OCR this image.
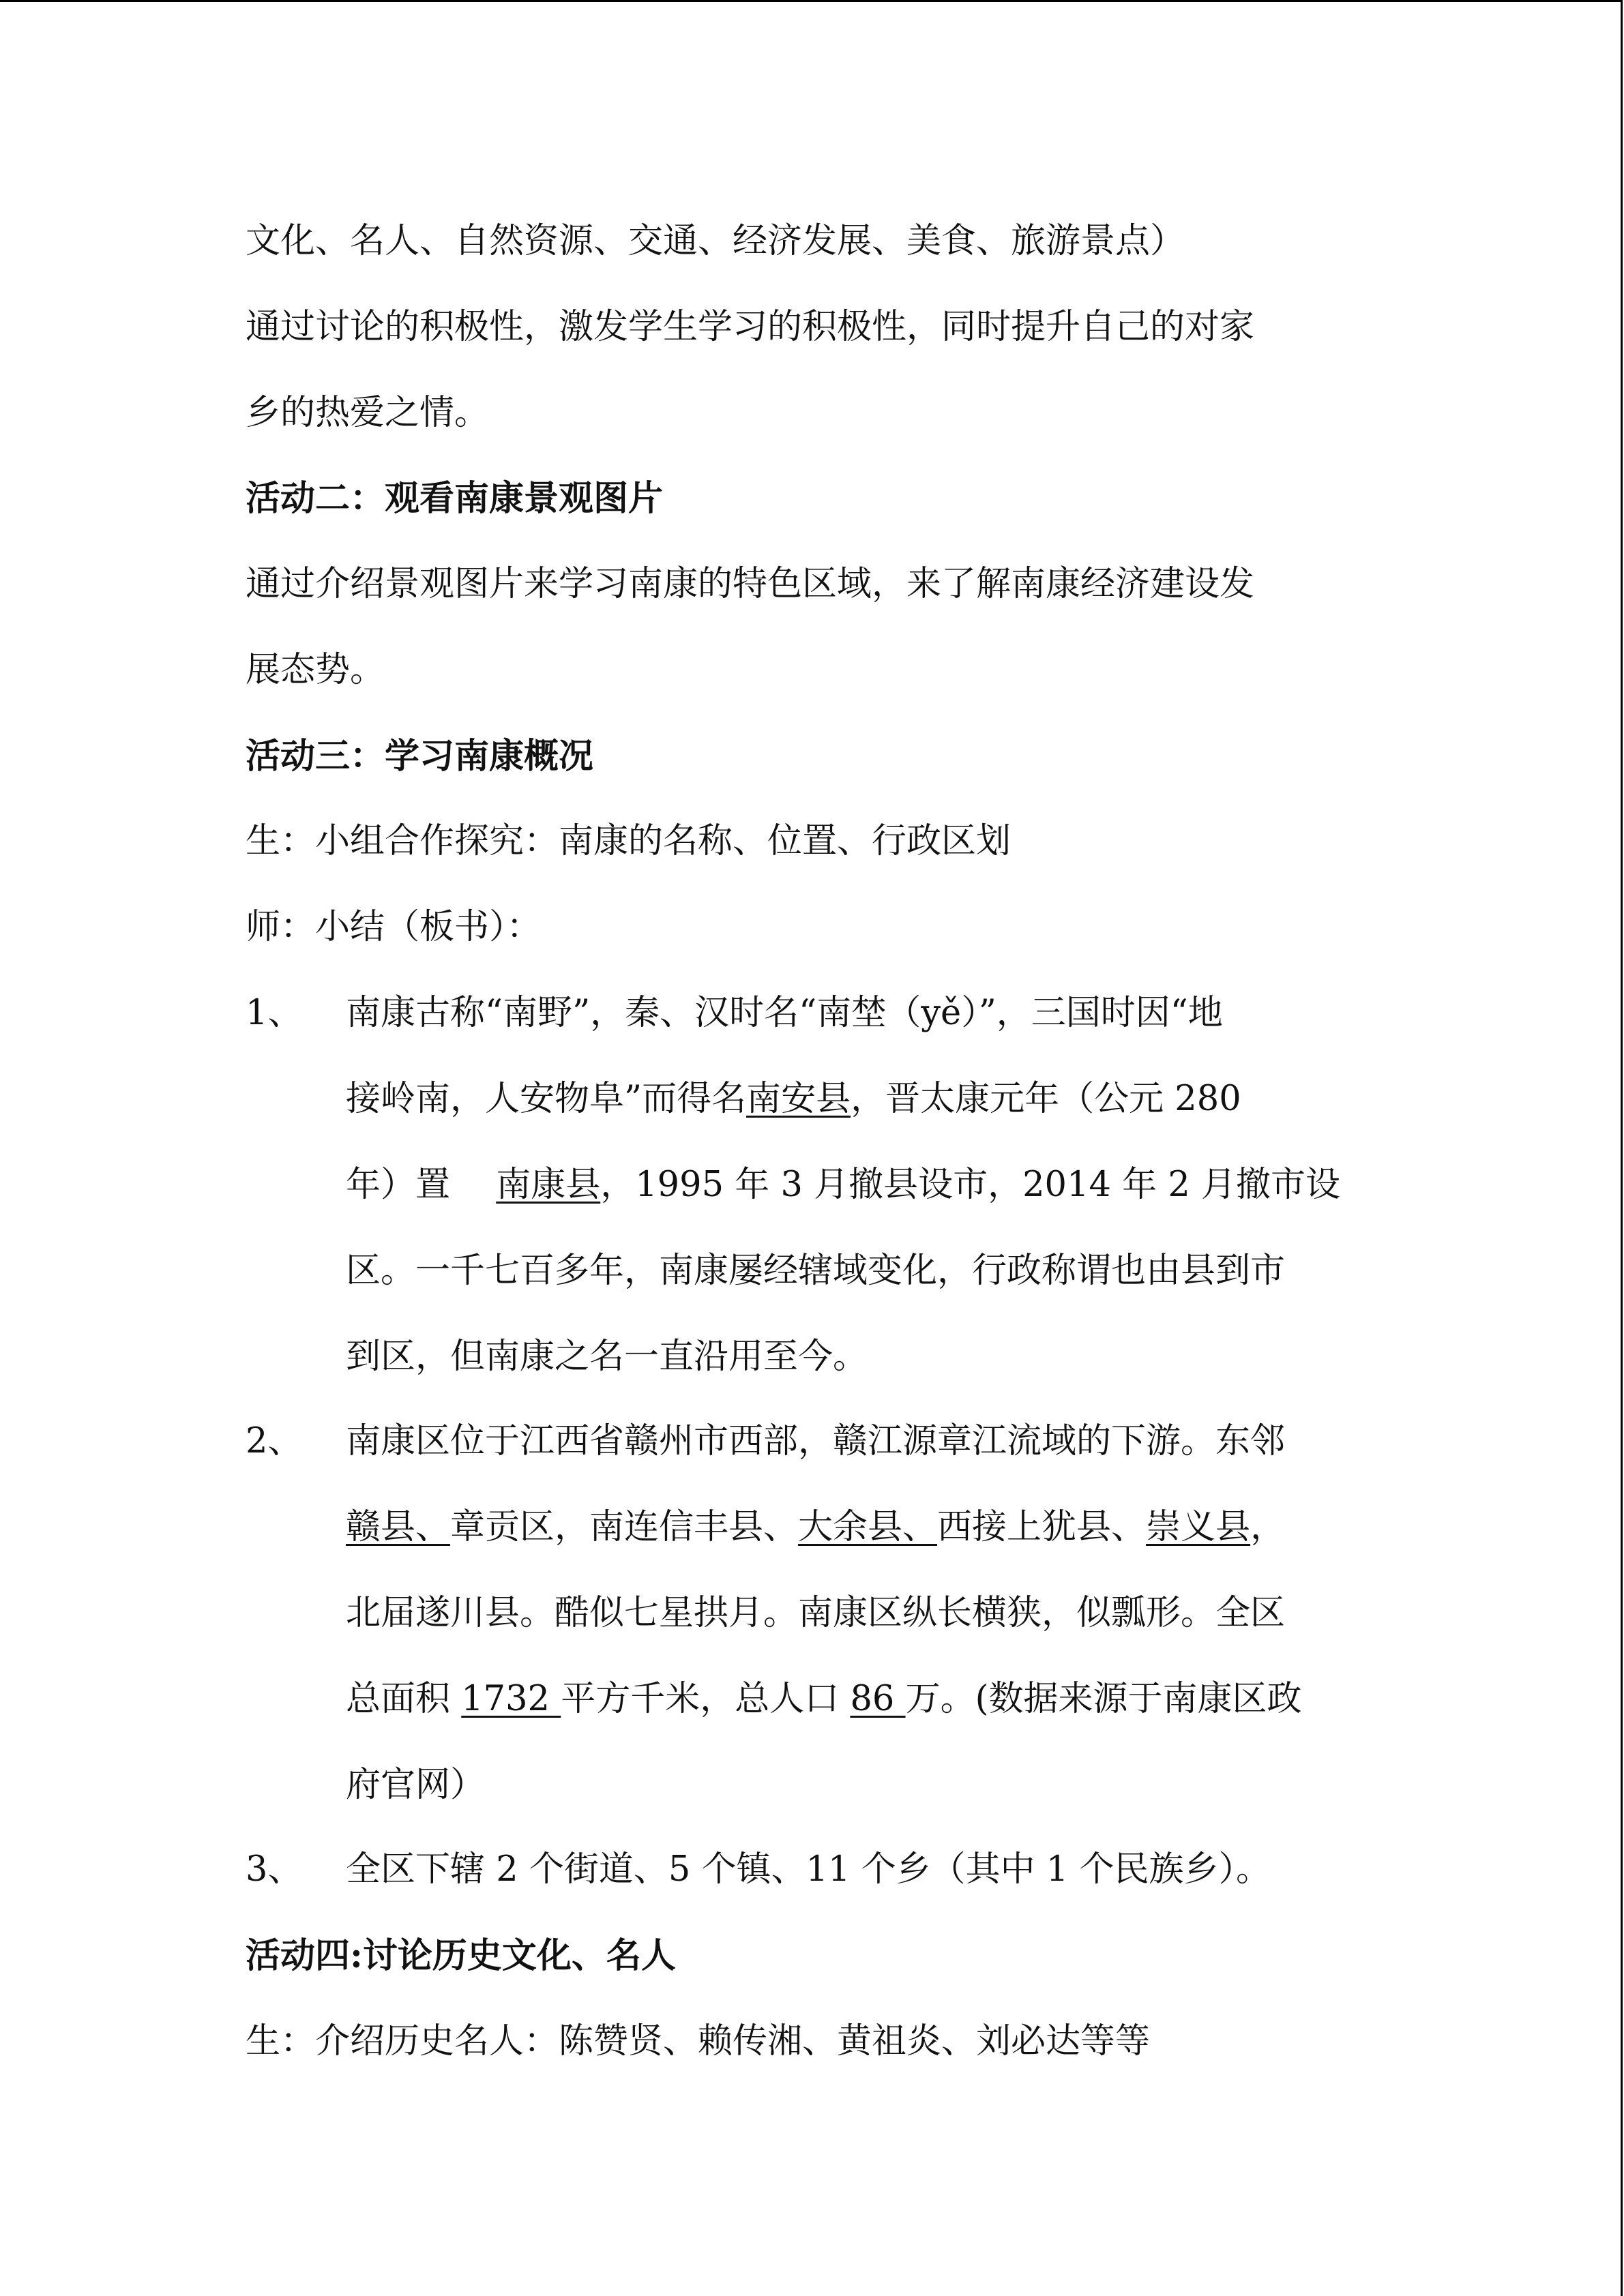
文化、名人、自然资源、交通、经济发展、美食、旅游景点）
通过讨论的积极性，激发学生学习的积极性，同时提升自己的对家
乡的热爱之情。
活动二：观看南康景观图片
通过介绍景观图片来学习南康的特色区域，来了解南康经济建设发
展态势。
活动三：学习南康概况
生：小组合作探究：南康的名称、位置、行政区划
师：小结（板书）：
1、 南康古称“南野”，秦、汉时名“南埜（yě）”，三国时因“地
接岭南，人安物阜”而得名南安县，晋太康元年（公元 280
年）置　 南康县，1995 年 3 月撤县设市，2014 年 2 月撤市设
区。一千七百多年，南康屡经辖域变化，行政称谓也由县到市
到区，但南康之名一直沿用至今。
2、 南康区位于江西省赣州市西部，赣江源章江流域的下游。东邻
赣县、章贡区，南连信丰县、大余县、西接上犹县、崇义县，
北届遂川县。酷似七星拱月。南康区纵长横狭，似瓢形。全区
总面积 1732 平方千米，总人口 86 万。(数据来源于南康区政
府官网）
3、 全区下辖 2 个街道、5 个镇、11 个乡（其中 1 个民族乡）。
活动四:讨论历史文化、名人
生：介绍历史名人：陈赞贤、赖传湘、黄祖炎、刘必达等等
